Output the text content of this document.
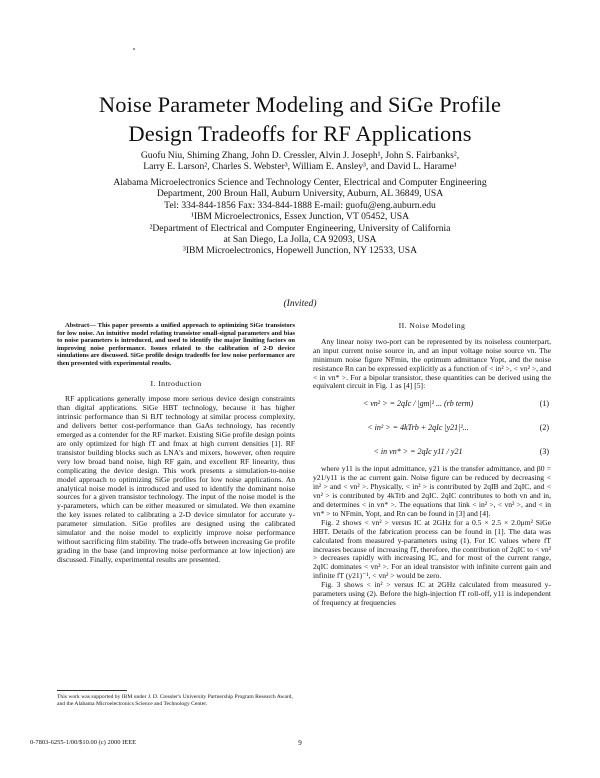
Noise Parameter Modeling and SiGe Profile
Design Tradeoffs for RF Applications
Guofu Niu, Shiming Zhang, John D. Cressler, Alvin J. Joseph¹, John S. Fairbanks²,
Larry E. Larson², Charles S. Webster³, William E. Ansley³, and David L. Harame¹
Alabama Microelectronics Science and Technology Center, Electrical and Computer Engineering
Department, 200 Broun Hall, Auburn University, Auburn, AL 36849, USA
Tel: 334-844-1856 Fax: 334-844-1888 E-mail: guofu@eng.auburn.edu
¹IBM Microelectronics, Essex Junction, VT 05452, USA
²Department of Electrical and Computer Engineering, University of California
at San Diego, La Jolla, CA 92093, USA
³IBM Microelectronics, Hopewell Junction, NY 12533, USA
(Invited)

Abstract— This paper presents a unified approach to optimizing SiGe transistors for low noise. An intuitive model relating transistor small-signal parameters and bias to noise parameters is introduced, and used to identify the major limiting factors on improving noise performance. Issues related to the calibration of 2-D device simulations are discussed. SiGe profile design tradeoffs for low noise performance are then presented with experimental results.

I. Introduction

RF applications generally impose more serious device design constraints than digital applications. SiGe HBT technology, because it has higher intrinsic performance than Si BJT technology at similar process complexity, and delivers better cost-performance than GaAs technology, has recently emerged as a contender for the RF market. Existing SiGe profile design points are only optimized for high fT and fmax at high current densities [1]. RF transistor building blocks such as LNA's and mixers, however, often require very low broad band noise, high RF gain, and excellent RF linearity, thus complicating the device design. This work presents a simulation-to-noise model approach to optimizing SiGe profiles for low noise applications. An analytical noise model is introduced and used to identify the dominant noise sources for a given transistor technology. The input of the noise model is the y-parameters, which can be either measured or simulated. We then examine the key issues related to calibrating a 2-D device simulator for accurate y-parameter simulation. SiGe profiles are designed using the calibrated simulator and the noise model to explicitly improve noise performance without sacrificing film stability. The trade-offs between increasing Ge profile grading in the base (and improving noise performance at low injection) are discussed. Finally, experimental results are presented.

This work was supported by IBM under J. D. Cressler's University Partnership Program Research Award, and the Alabama Microelectronics Science and Technology Center.
II. Noise Modeling

Any linear noisy two-port can be represented by its noiseless counterpart, an input current noise source in, and an input voltage noise source vn. The minimum noise figure NFmin, the optimum admittance Yopt, and the noise resistance Rn can be expressed explicitly as a function of < in² >, < vn² >, and < in vn* >. For a bipolar transistor, these quantities can be derived using the equivalent circuit in Fig. 1 as [4] [5]:

< vn² > = 2qIc / |gm|² ... (rb term)	(1)
< in² > = 4kTrb + 2qIc |y21|²...	(2)
< in vn* > = 2qIc y11 / y21	(3)

where y11 is the input admittance, y21 is the transfer admittance, and β0 = y21/y11 is the ac current gain. Noise figure can be reduced by decreasing < in² > and < vn² >. Physically, < in² > is contributed by 2qIB and 2qIC, and < vn² > is contributed by 4kTrb and 2qIC. 2qIC contributes to both vn and in, and determines < in vn* >. The equations that link < in² >, < vn² >, and < in vn* > to NFmin, Yopt, and Rn can be found in [3] and [4].

Fig. 2 shows < vn² > versus IC at 2GHz for a 0.5 × 2.5 × 2.0μm² SiGe HBT. Details of the fabrication process can be found in [1]. The data was calculated from measured y-parameters using (1). For IC values where fT increases because of increasing fT, therefore, the contribution of 2qIC to < vn² > decreases rapidly with increasing IC, and for most of the current range, 2qIC dominates < vn² >. For an ideal transistor with infinite current gain and infinite fT (y21)⁻¹, < vn² > would be zero.

Fig. 3 shows < in² > versus IC at 2GHz calculated from measured y-parameters using (2). Before the high-injection fT roll-off, y11 is independent of frequency at frequencies

0-7803-6255-1/00/$10.00 (c) 2000 IEEE	9
